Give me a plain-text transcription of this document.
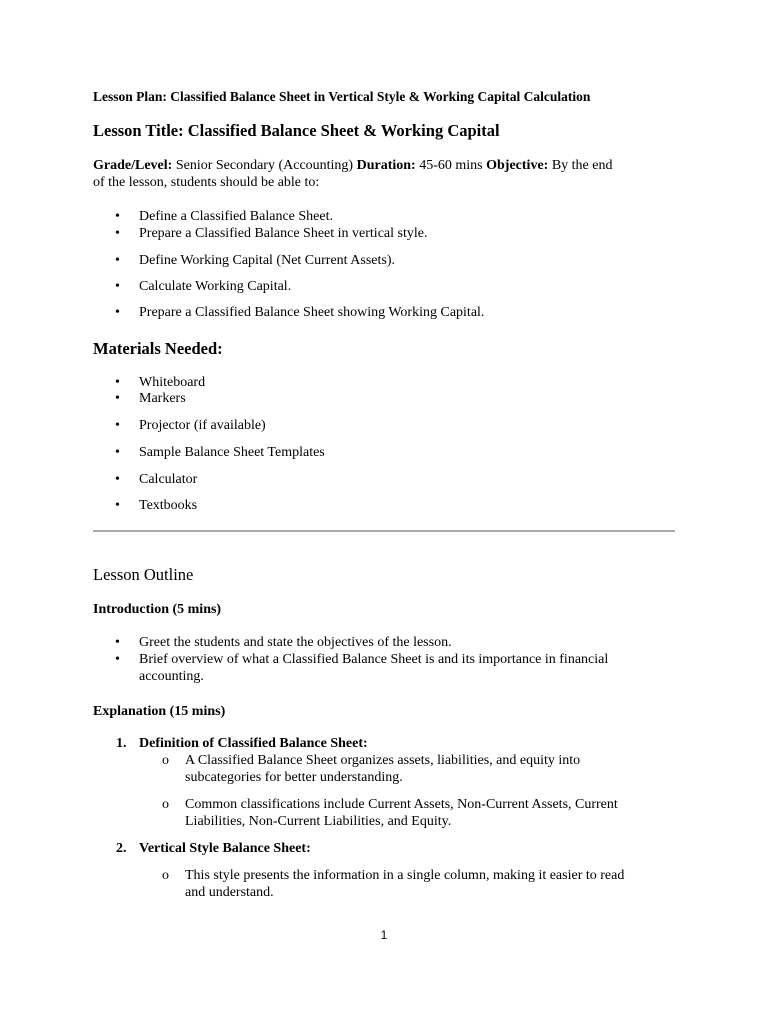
Lesson Plan: Classified Balance Sheet in Vertical Style & Working Capital Calculation
Lesson Title: Classified Balance Sheet & Working Capital
Grade/Level: Senior Secondary (Accounting) Duration: 45-60 mins Objective: By the end
of the lesson, students should be able to:
• Define a Classified Balance Sheet.
• Prepare a Classified Balance Sheet in vertical style.
• Define Working Capital (Net Current Assets).
• Calculate Working Capital.
• Prepare a Classified Balance Sheet showing Working Capital.
Materials Needed:
• Whiteboard
• Markers
• Projector (if available)
• Sample Balance Sheet Templates
• Calculator
• Textbooks
Lesson Outline
Introduction (5 mins)
• Greet the students and state the objectives of the lesson.
• Brief overview of what a Classified Balance Sheet is and its importance in financial
accounting.
Explanation (15 mins)
1. Definition of Classified Balance Sheet:
o A Classified Balance Sheet organizes assets, liabilities, and equity into
subcategories for better understanding.
o Common classifications include Current Assets, Non-Current Assets, Current
Liabilities, Non-Current Liabilities, and Equity.
2. Vertical Style Balance Sheet:
o This style presents the information in a single column, making it easier to read
and understand.
1
